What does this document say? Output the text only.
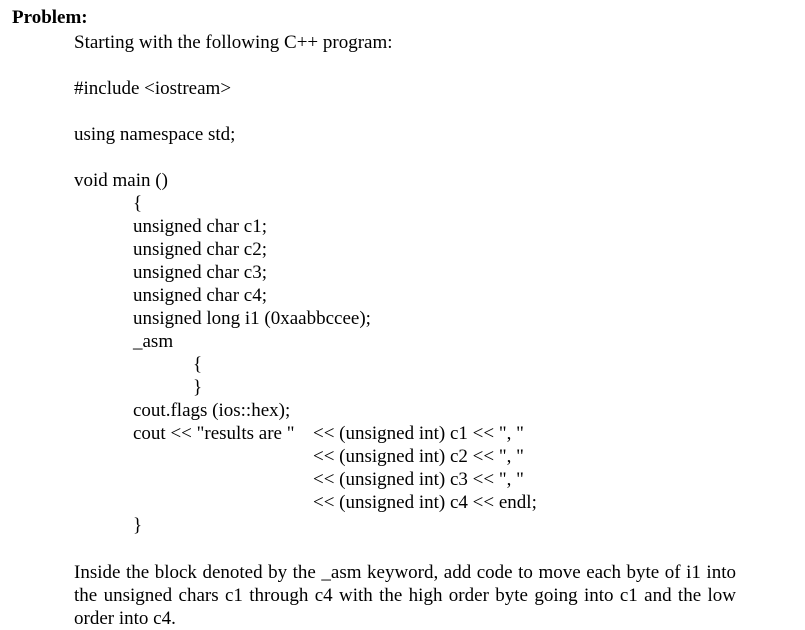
Problem:
Starting with the following C++ program:
#include <iostream>
using namespace std;
void main ()
{
unsigned char c1;
unsigned char c2;
unsigned char c3;
unsigned char c4;
unsigned long i1 (0xaabbccee);
_asm
{
}
cout.flags (ios::hex);
cout << "results are " << (unsigned int) c1 << ", "
<< (unsigned int) c2 << ", "
<< (unsigned int) c3 << ", "
<< (unsigned int) c4 << endl;
}
Inside the block denoted by the _asm keyword, add code to move each byte of i1 into the unsigned chars c1 through c4 with the high order byte going into c1 and the low order into c4.
